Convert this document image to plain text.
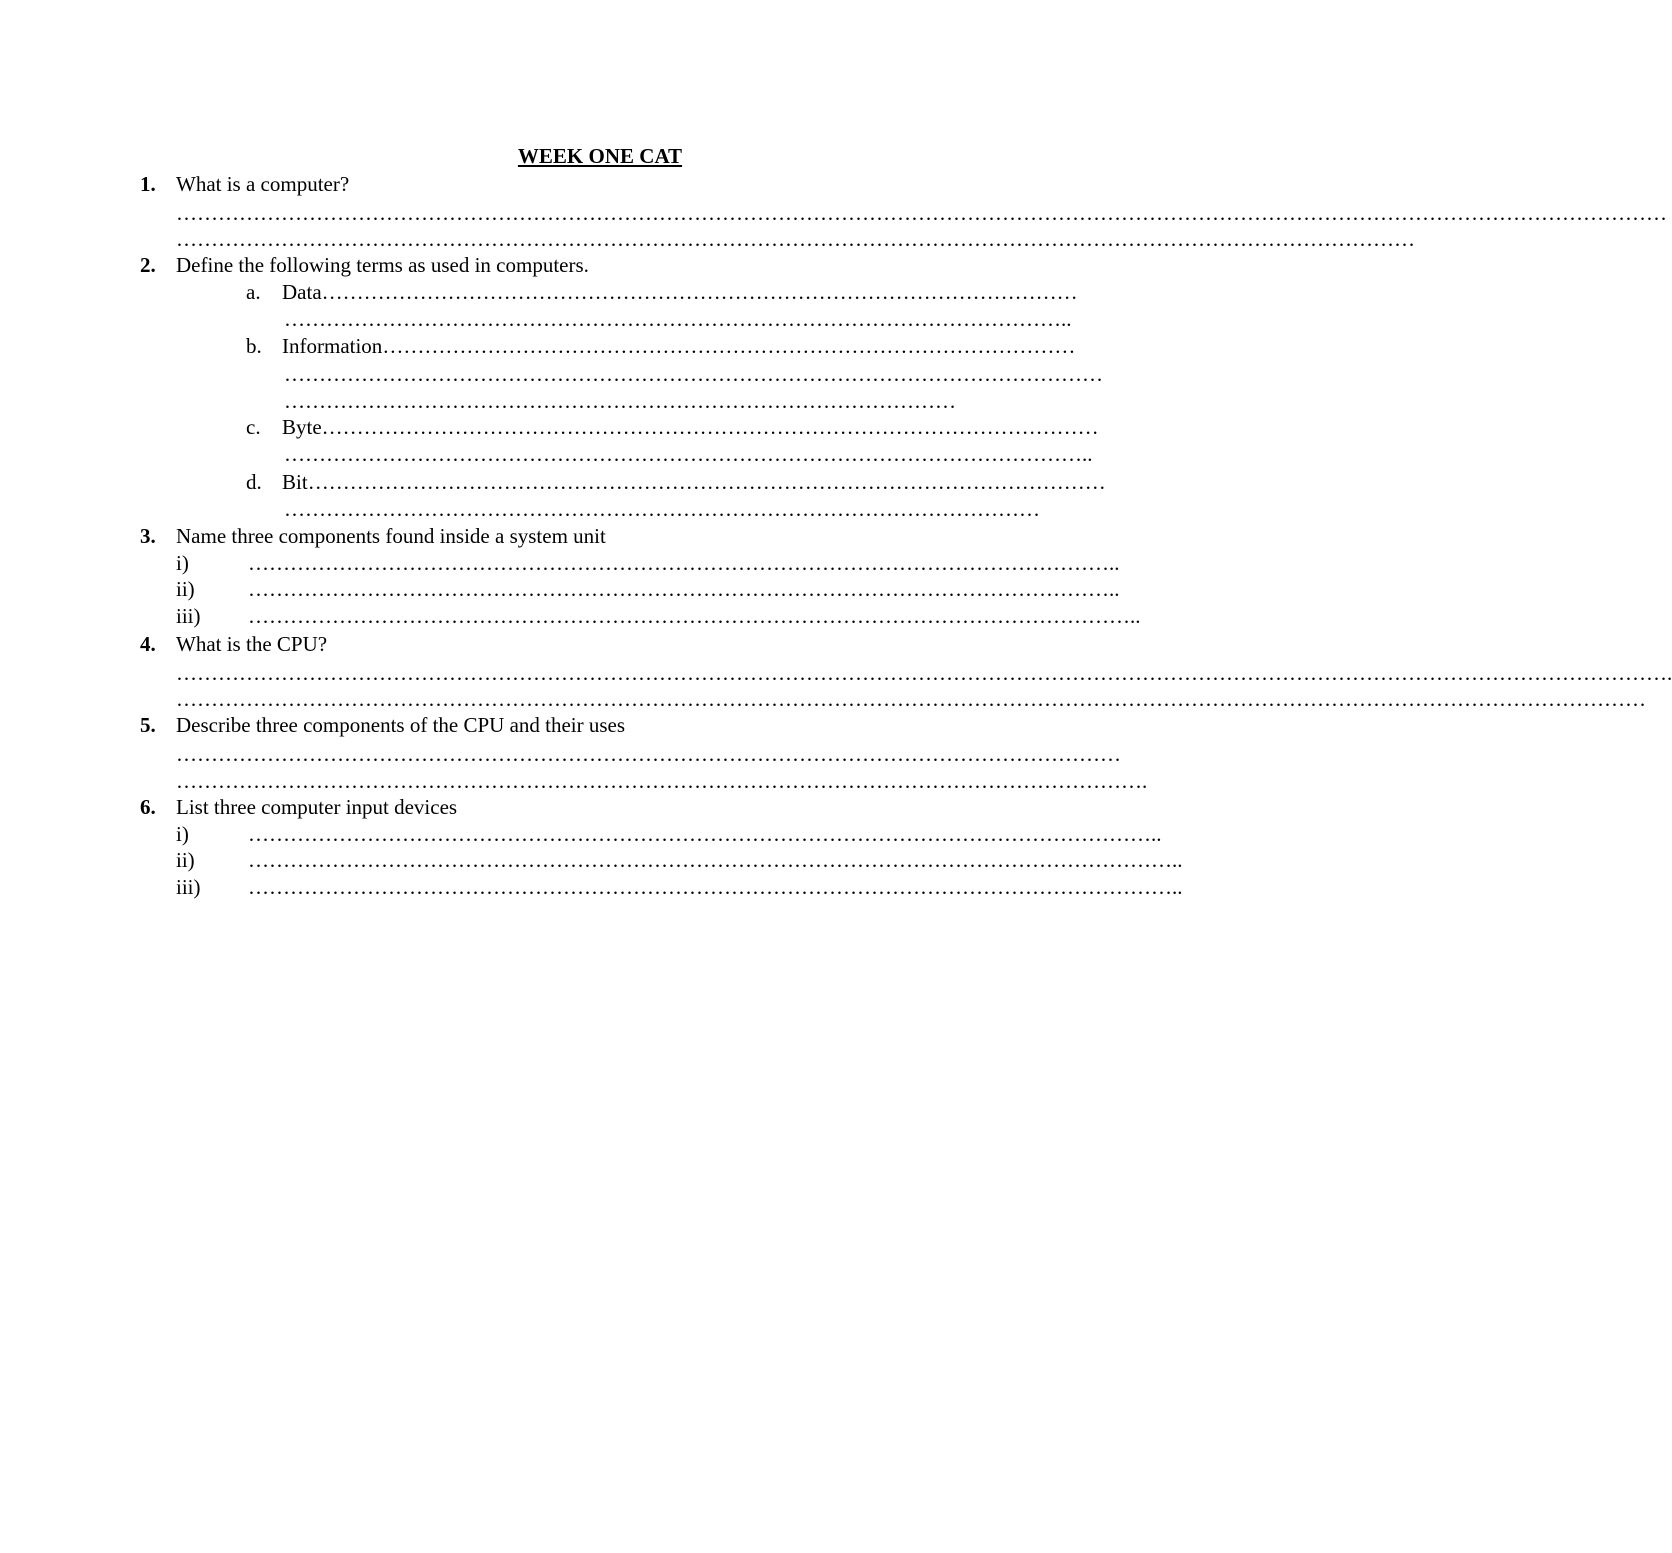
WEEK ONE CAT
1. What is a computer?
……………………………………………………………………………………………………………………………………………………………………………………………
……………………………………………………………………………………………………………………………………………………………
2. Define the following terms as used in computers.
a. Data………………………………………………………………………………………………
…………………………………………………………………………………………………..
b. Information………………………………………………………………………………………
………………………………………………………………………………………………………
……………………………………………………………………………………
c. Byte…………………………………………………………………………………………………
……………………………………………………………………………………………………..
d. Bit……………………………………………………………………………………………………
………………………………………………………………………………………………
3. Name three components found inside a system unit
i)	……………………………………………………………………………………………………………..
ii)	……………………………………………………………………………………………………………..
iii) ………………………………………………………………………………………………………………..
4. What is the CPU?
…………………………………………………………………………………………………………………………………………………………………………………………….
…………………………………………………………………………………………………………………………………………………………………………………………
5. Describe three components of the CPU and their uses
………………………………………………………………………………………………………………………
………………………………………………………………………………………………………………………….
6. List three computer input devices
i)	…………………………………………………………………………………………………………………..
ii)	……………………………………………………………………………………………………………………..
iii) ……………………………………………………………………………………………………………………..
